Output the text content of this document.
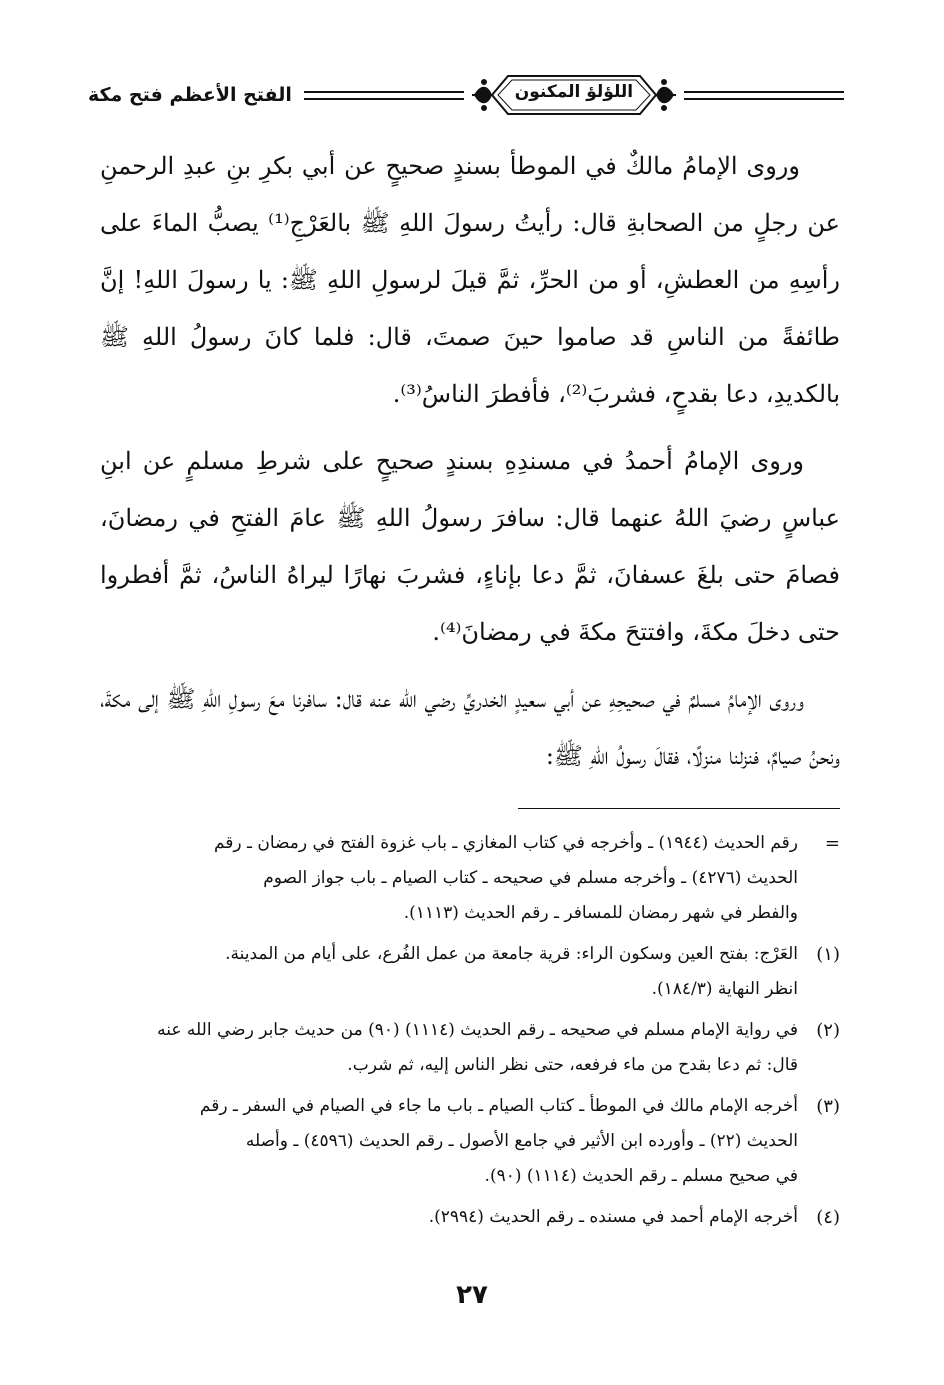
اللؤلؤ المكنون
الفتح الأعظم فتح مكة

وروى الإمامُ مالكٌ في الموطأ بسندٍ صحيحٍ عن أبي بكرِ بنِ عبدِ الرحمنِ عن رجلٍ من الصحابةِ قال: رأيتُ رسولَ اللهِ ﷺ بالعَرْجِ⁽¹⁾ يصبُّ الماءَ على رأسِهِ من العطشِ، أو من الحرِّ، ثمَّ قيلَ لرسولِ اللهِ ﷺ: يا رسولَ اللهِ! إنَّ طائفةً من الناسِ قد صاموا حينَ صمتَ، قال: فلما كانَ رسولُ اللهِ ﷺ بالكديدِ، دعا بقدحٍ، فشربَ⁽²⁾، فأفطرَ الناسُ⁽³⁾.

وروى الإمامُ أحمدُ في مسندِهِ بسندٍ صحيحٍ على شرطِ مسلمٍ عن ابنِ عباسٍ رضيَ اللهُ عنهما قال: سافرَ رسولُ اللهِ ﷺ عامَ الفتحِ في رمضانَ، فصامَ حتى بلغَ عسفانَ، ثمَّ دعا بإناءٍ، فشربَ نهارًا ليراهُ الناسُ، ثمَّ أفطروا حتى دخلَ مكةَ، وافتتحَ مكةَ في رمضانَ⁽⁴⁾.

وروى الإمامُ مسلمٌ في صحيحِهِ عن أبي سعيدٍ الخدريِّ رضي الله عنه قال: سافرنا معَ رسولِ اللهِ ﷺ إلى مكةَ، ونحنُ صيامٌ، فنزلنا منزلًا، فقالَ رسولُ اللهِ ﷺ:

=
رقم الحديث (١٩٤٤) ـ وأخرجه في كتاب المغازي ـ باب غزوة الفتح في رمضان ـ رقم
الحديث (٤٢٧٦) ـ وأخرجه مسلم في صحيحه ـ كتاب الصيام ـ باب جواز الصوم
والفطر في شهر رمضان للمسافر ـ رقم الحديث (١١١٣).
(١)
العَرْج: بفتح العين وسكون الراء: قرية جامعة من عمل الفُرع، على أيام من المدينة.
انظر النهاية (١٨٤/٣).
(٢)
في رواية الإمام مسلم في صحيحه ـ رقم الحديث (١١١٤) (٩٠) من حديث جابر رضي الله عنه
قال: ثم دعا بقدح من ماء فرفعه، حتى نظر الناس إليه، ثم شرب.
(٣)
أخرجه الإمام مالك في الموطأ ـ كتاب الصيام ـ باب ما جاء في الصيام في السفر ـ رقم
الحديث (٢٢) ـ وأورده ابن الأثير في جامع الأصول ـ رقم الحديث (٤٥٩٦) ـ وأصله
في صحيح مسلم ـ رقم الحديث (١١١٤) (٩٠).
(٤)
أخرجه الإمام أحمد في مسنده ـ رقم الحديث (٢٩٩٤).
٢٧
